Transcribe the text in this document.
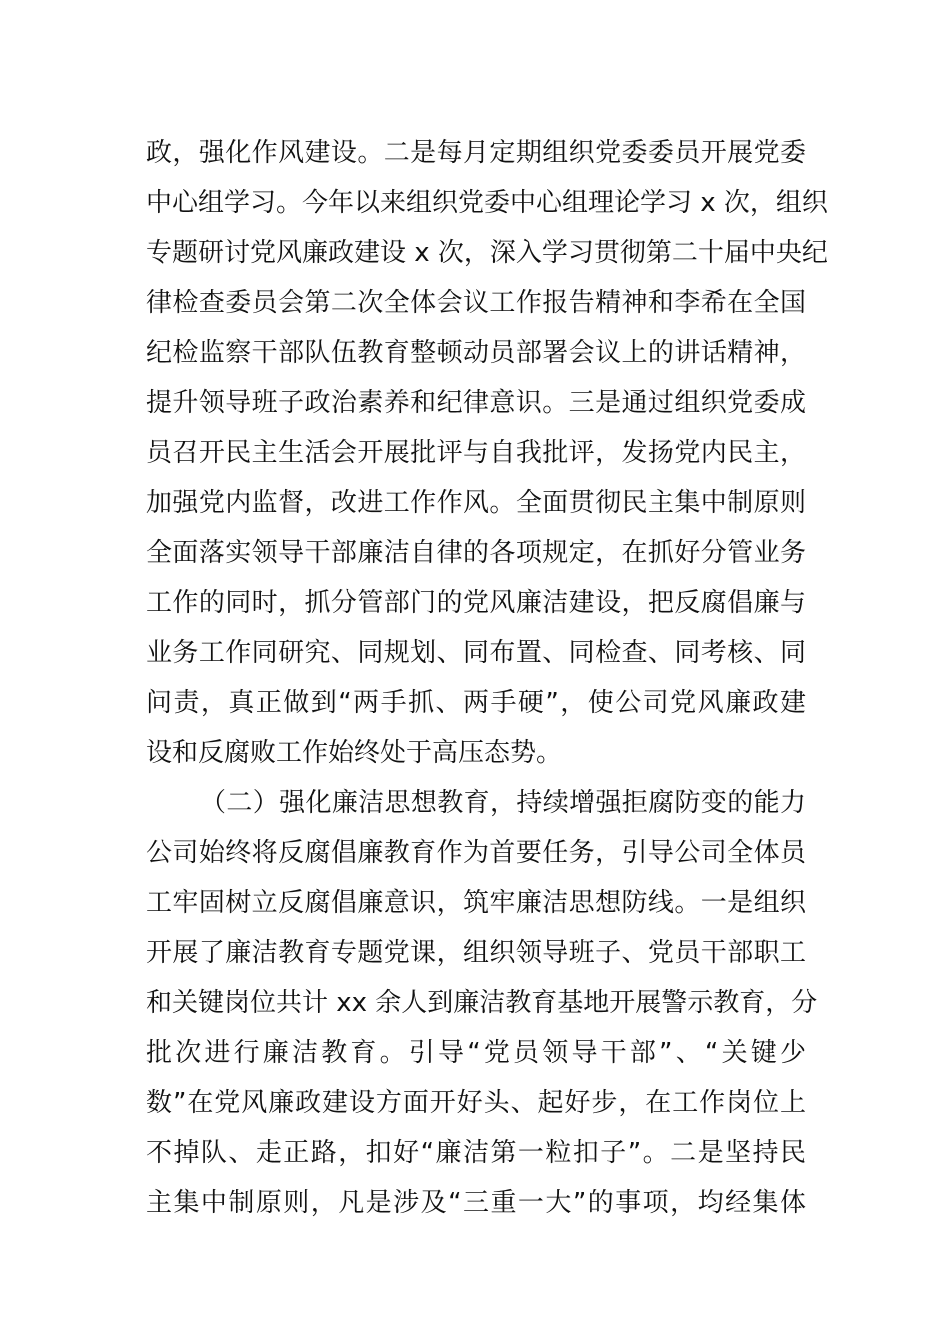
政，强化作风建设。二是每月定期组织党委委员开展党委
中心组学习。今年以来组织党委中心组理论学习 x 次，组织
专题研讨党风廉政建设 x 次，深入学习贯彻第二十届中央纪
律检查委员会第二次全体会议工作报告精神和李希在全国
纪检监察干部队伍教育整顿动员部署会议上的讲话精神，
提升领导班子政治素养和纪律意识。三是通过组织党委成
员召开民主生活会开展批评与自我批评，发扬党内民主，
加强党内监督，改进工作作风。全面贯彻民主集中制原则
全面落实领导干部廉洁自律的各项规定，在抓好分管业务
工作的同时，抓分管部门的党风廉洁建设，把反腐倡廉与
业务工作同研究、同规划、同布置、同检查、同考核、同
问责，真正做到“两手抓、两手硬”，使公司党风廉政建
设和反腐败工作始终处于高压态势。
（二）强化廉洁思想教育，持续增强拒腐防变的能力
公司始终将反腐倡廉教育作为首要任务，引导公司全体员
工牢固树立反腐倡廉意识，筑牢廉洁思想防线。一是组织
开展了廉洁教育专题党课，组织领导班子、党员干部职工
和关键岗位共计 xx 余人到廉洁教育基地开展警示教育，分
批次进行廉洁教育。引导“党员领导干部”、“关键少
数”在党风廉政建设方面开好头、起好步，在工作岗位上
不掉队、走正路，扣好“廉洁第一粒扣子”。二是坚持民
主集中制原则，凡是涉及“三重一大”的事项，均经集体
